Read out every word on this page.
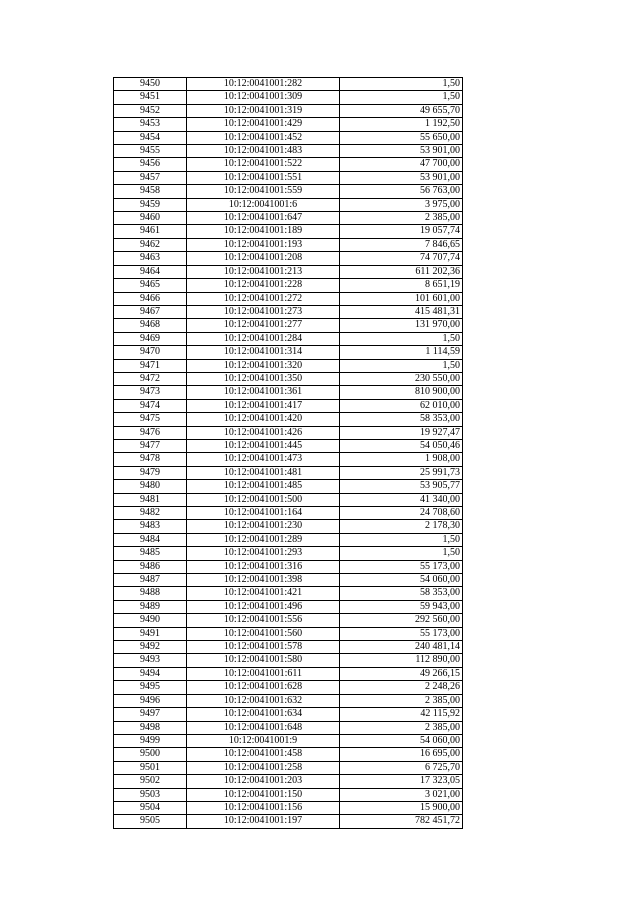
9450	10:12:0041001:282	1,50
9451	10:12:0041001:309	1,50
9452	10:12:0041001:319	49 655,70
9453	10:12:0041001:429	1 192,50
9454	10:12:0041001:452	55 650,00
9455	10:12:0041001:483	53 901,00
9456	10:12:0041001:522	47 700,00
9457	10:12:0041001:551	53 901,00
9458	10:12:0041001:559	56 763,00
9459	10:12:0041001:6	3 975,00
9460	10:12:0041001:647	2 385,00
9461	10:12:0041001:189	19 057,74
9462	10:12:0041001:193	7 846,65
9463	10:12:0041001:208	74 707,74
9464	10:12:0041001:213	611 202,36
9465	10:12:0041001:228	8 651,19
9466	10:12:0041001:272	101 601,00
9467	10:12:0041001:273	415 481,31
9468	10:12:0041001:277	131 970,00
9469	10:12:0041001:284	1,50
9470	10:12:0041001:314	1 114,59
9471	10:12:0041001:320	1,50
9472	10:12:0041001:350	230 550,00
9473	10:12:0041001:361	810 900,00
9474	10:12:0041001:417	62 010,00
9475	10:12:0041001:420	58 353,00
9476	10:12:0041001:426	19 927,47
9477	10:12:0041001:445	54 050,46
9478	10:12:0041001:473	1 908,00
9479	10:12:0041001:481	25 991,73
9480	10:12:0041001:485	53 905,77
9481	10:12:0041001:500	41 340,00
9482	10:12:0041001:164	24 708,60
9483	10:12:0041001:230	2 178,30
9484	10:12:0041001:289	1,50
9485	10:12:0041001:293	1,50
9486	10:12:0041001:316	55 173,00
9487	10:12:0041001:398	54 060,00
9488	10:12:0041001:421	58 353,00
9489	10:12:0041001:496	59 943,00
9490	10:12:0041001:556	292 560,00
9491	10:12:0041001:560	55 173,00
9492	10:12:0041001:578	240 481,14
9493	10:12:0041001:580	112 890,00
9494	10:12:0041001:611	49 266,15
9495	10:12:0041001:628	2 248,26
9496	10:12:0041001:632	2 385,00
9497	10:12:0041001:634	42 115,92
9498	10:12:0041001:648	2 385,00
9499	10:12:0041001:9	54 060,00
9500	10:12:0041001:458	16 695,00
9501	10:12:0041001:258	6 725,70
9502	10:12:0041001:203	17 323,05
9503	10:12:0041001:150	3 021,00
9504	10:12:0041001:156	15 900,00
9505	10:12:0041001:197	782 451,72
